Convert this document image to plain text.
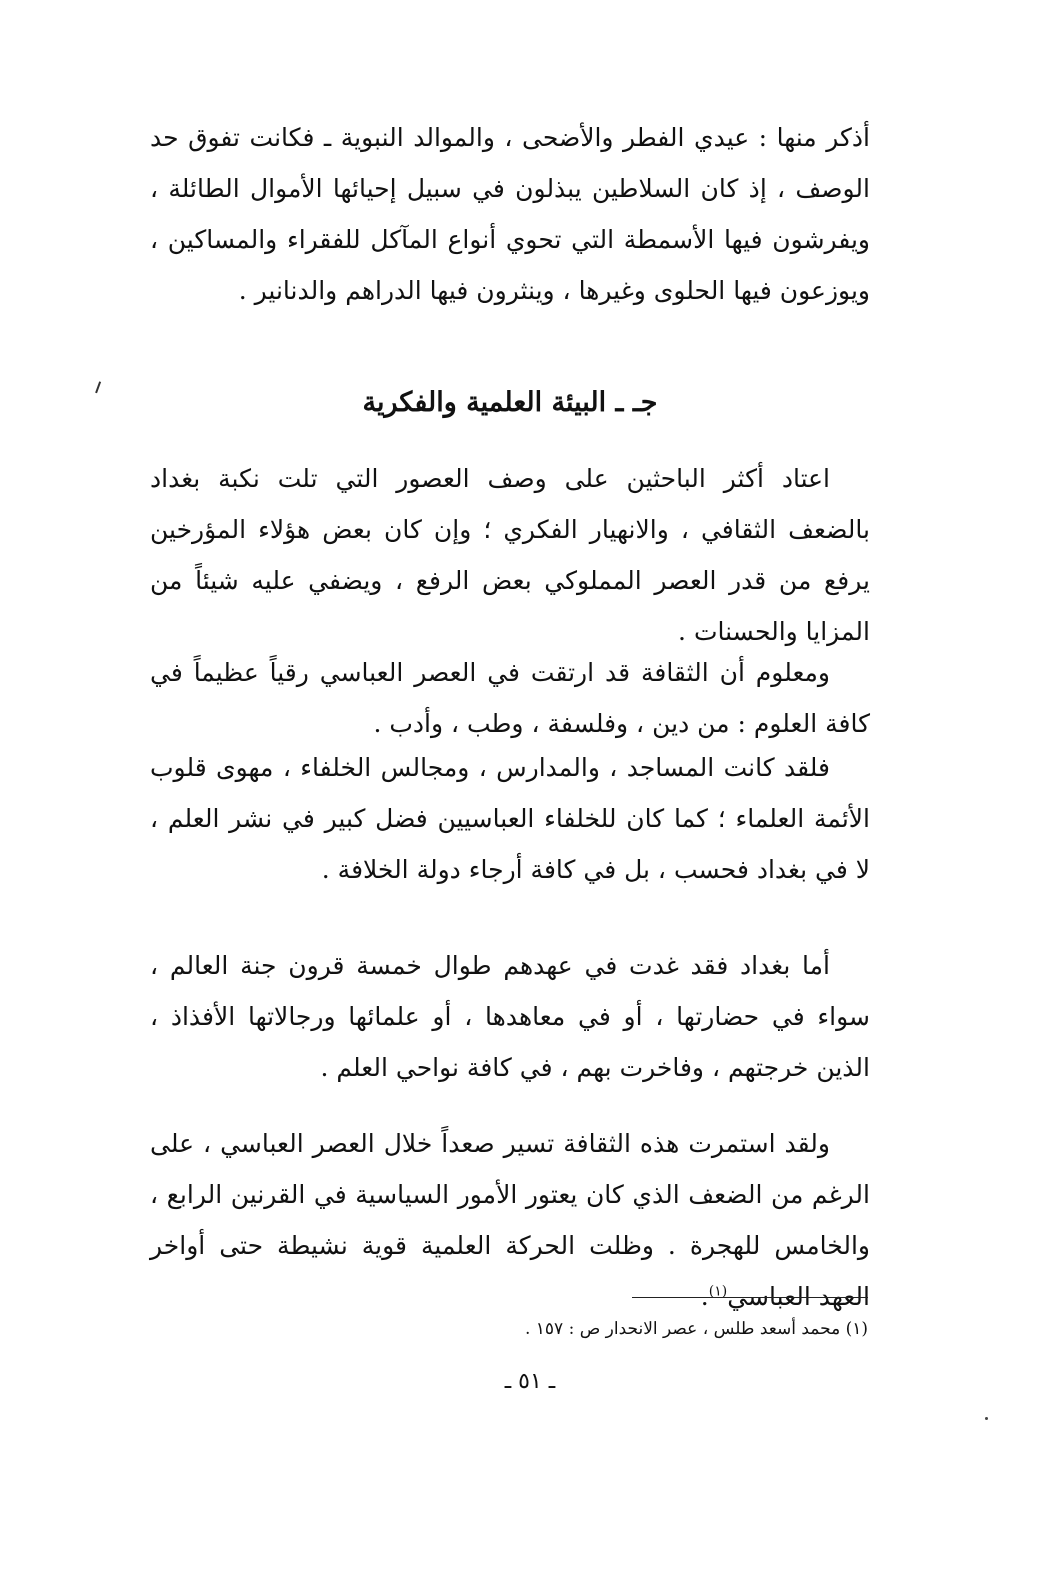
أذكر منها : عيدي الفطر والأضحى ، والموالد النبوية ـ فكانت تفوق حد الوصف ، إذ كان السلاطين يبذلون في سبيل إحيائها الأموال الطائلة ، ويفرشون فيها الأسمطة التي تحوي أنواع المآكل للفقراء والمساكين ، ويوزعون فيها الحلوى وغيرها ، وينثرون فيها الدراهم والدنانير .

جـ ـ البيئة العلمية والفكرية

اعتاد أكثر الباحثين على وصف العصور التي تلت نكبة بغداد بالضعف الثقافي ، والانهيار الفكري ؛ وإن كان بعض هؤلاء المؤرخين يرفع من قدر العصر المملوكي بعض الرفع ، ويضفي عليه شيئاً من المزايا والحسنات .

ومعلوم أن الثقافة قد ارتقت في العصر العباسي رقياً عظيماً في كافة العلوم : من دين ، وفلسفة ، وطب ، وأدب .

فلقد كانت المساجد ، والمدارس ، ومجالس الخلفاء ، مهوى قلوب الأئمة العلماء ؛ كما كان للخلفاء العباسيين فضل كبير في نشر العلم ، لا في بغداد فحسب ، بل في كافة أرجاء دولة الخلافة .

أما بغداد فقد غدت في عهدهم طوال خمسة قرون جنة العالم ، سواء في حضارتها ، أو في معاهدها ، أو علمائها ورجالاتها الأفذاذ ، الذين خرجتهم ، وفاخرت بهم ، في كافة نواحي العلم .

ولقد استمرت هذه الثقافة تسير صعداً خلال العصر العباسي ، على الرغم من الضعف الذي كان يعتور الأمور السياسية في القرنين الرابع ، والخامس للهجرة . وظلت الحركة العلمية قوية نشيطة حتى أواخر العهد العباسي$^{(١)}$.

(١) محمد أسعد طلس ، عصر الانحدار ص : ١٥٧ .

ـ ٥١ ـ
